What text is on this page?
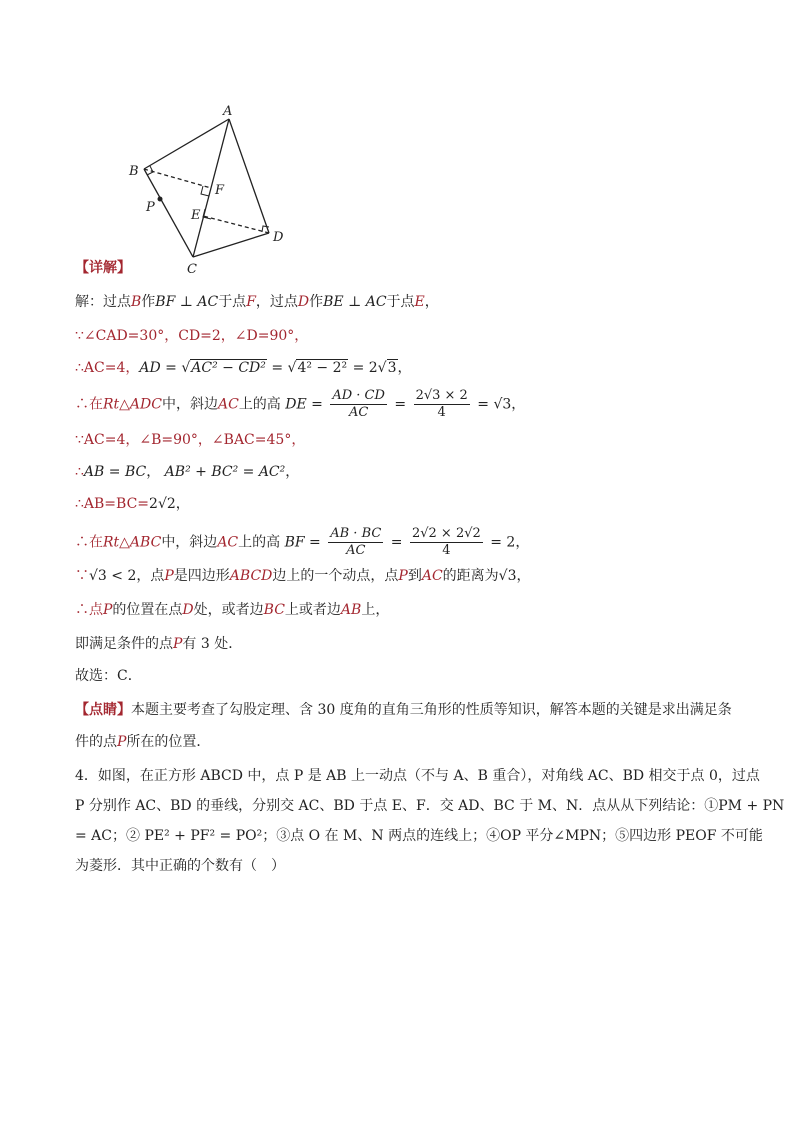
A
B
C
D
E
F
P
【详解】
解：过点B作BF ⊥ AC于点F，过点D作BE ⊥ AC于点E，
∵∠CAD=30°，CD=2，∠D=90°，
∴AC=4，AD = √AC² − CD² = √4² − 2² = 2√3，
∴在Rt△ADC中，斜边AC上的高 DE = $\frac{AD \cdot CD}{AC} = \frac{2√3 \times 2}{4} = √3$，
∵AC=4，∠B=90°，∠BAC=45°，
∴AB = BC， AB² + BC² = AC²，
∴AB=BC=2√2，
∴在Rt△ABC中，斜边AC上的高 BF = $\frac{AB \cdot BC}{AC} = \frac{2√2 \times 2√2}{4} = 2$，
∵√3 < 2，点P是四边形ABCD边上的一个动点，点P到AC的距离为√3，
∴点P的位置在点D处，或者边BC上或者边AB上，
即满足条件的点P有 3 处．
故选：C．
【点睛】本题主要考查了勾股定理、含 30 度角的直角三角形的性质等知识，解答本题的关键是求出满足条
件的点P所在的位置．
4．如图，在正方形 ABCD 中，点 P 是 AB 上一动点（不与 A、B 重合），对角线 AC、BD 相交于点 0，过点
P 分别作 AC、BD 的垂线，分别交 AC、BD 于点 E、F．交 AD、BC 于 M、N．点从从下列结论：①PM + PN
= AC；② PE² + PF² = PO²；③点 O 在 M、N 两点的连线上；④OP 平分∠MPN；⑤四边形 PEOF 不可能
为菱形．其中正确的个数有（　）
